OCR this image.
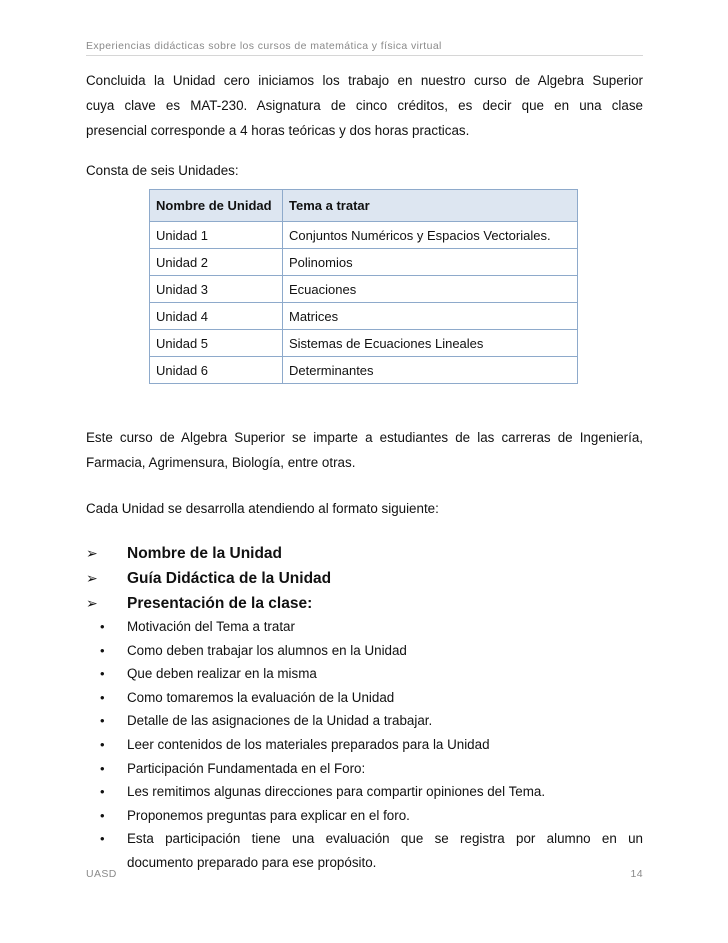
Experiencias didácticas sobre los cursos de matemática y física virtual
Concluida la Unidad cero iniciamos los trabajo en nuestro curso de Algebra Superior
cuya clave es MAT-230. Asignatura de cinco créditos, es decir que en una clase
presencial corresponde a 4 horas teóricas y dos horas practicas.
Consta de seis Unidades:
Nombre de Unidad	Tema a tratar
Unidad 1	Conjuntos Numéricos y Espacios Vectoriales.
Unidad 2	Polinomios
Unidad 3	Ecuaciones
Unidad 4	Matrices
Unidad 5	Sistemas de Ecuaciones Lineales
Unidad 6	Determinantes
Este curso de Algebra Superior se imparte a estudiantes de las carreras de Ingeniería,
Farmacia, Agrimensura, Biología, entre otras.
Cada Unidad se desarrolla atendiendo al formato siguiente:
➢ Nombre de la Unidad
➢ Guía Didáctica de la Unidad
➢ Presentación de la clase:
• Motivación del Tema a tratar
• Como deben trabajar los alumnos en la Unidad
• Que deben realizar en la misma
• Como tomaremos la evaluación de la Unidad
• Detalle de las asignaciones de la Unidad a trabajar.
• Leer contenidos de los materiales preparados para la Unidad
• Participación Fundamentada en el Foro:
• Les remitimos algunas direcciones para compartir opiniones del Tema.
• Proponemos preguntas para explicar en el foro.
• Esta participación tiene una evaluación que se registra por alumno en un
documento preparado para ese propósito.
UASD	14
